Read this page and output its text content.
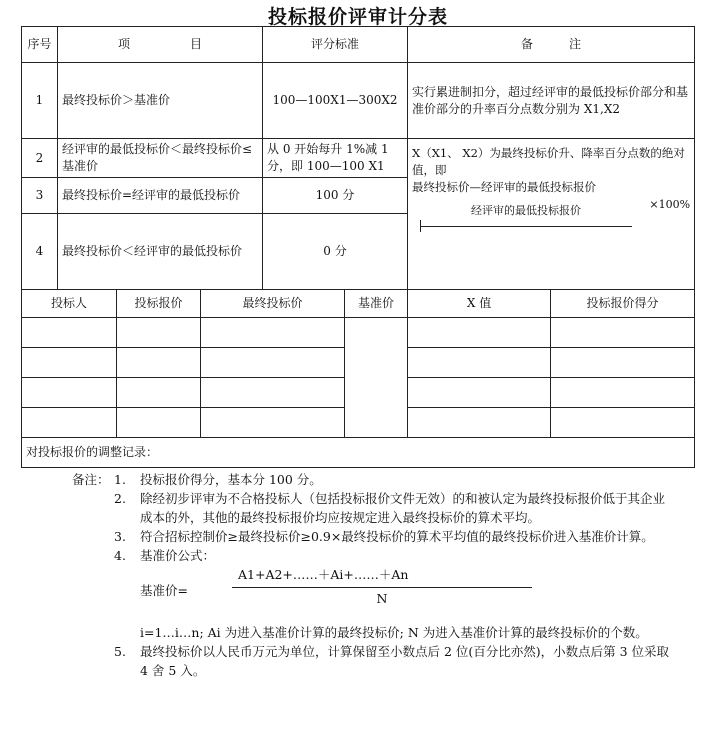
投标报价评审计分表
序号	项　　　　　目			评分标准		备　　　注	
1	最终投标价＞基准价			100—100X1—300X2		实行累进制扣分，超过经评审的最低投标价部分和基准价部分的升率百分点数分别为 X1,X2	
2	经评审的最低投标价＜最终投标价≤基准价			从 0 开始每升 1%减 1 分，即 100—100 X1		X（X1、 X2）为最终投标价升、降率百分点数的绝对值，即
最终投标价—经评审的最低投标报价
经评审的最低投标报价 ×100%	

3	最终投标价=经评审的最低投标价			100 分			
4	最终投标价＜经评审的最低投标价			0 分			
投标人		投标报价	最终投标价		基准价	X 值	投标报价得分

对投标报价的调整记录：							
备注： 1.	投标报价得分，基本分 100 分。
2.	除经初步评审为不合格投标人（包括投标报价文件无效）的和被认定为最终投标报价低于其企业成本的外，其他的最终投标报价均应按规定进入最终投标价的算术平均。
3.	符合招标控制价≥最终投标价≥0.9×最终投标价的算术平均值的最终投标价进入基准价计算。
4.	基准价公式：
A1+A2+……＋Ai+……＋An
基准价=
N
i=1…i…n; Ai 为进入基准价计算的最终投标价; N 为进入基准价计算的最终投标价的个数。
5.	最终投标价以人民币万元为单位，计算保留至小数点后 2 位(百分比亦然)，小数点后第 3 位采取 4 舍 5 入。
